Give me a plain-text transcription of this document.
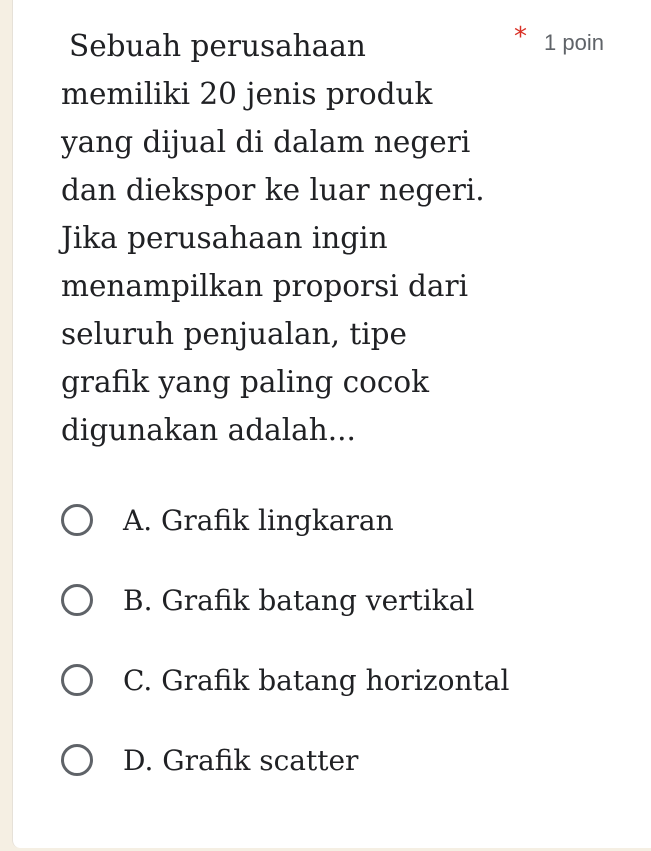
Sebuah perusahaan memiliki 20 jenis produk yang dijual di dalam negeri dan diekspor ke luar negeri. Jika perusahaan ingin menampilkan proporsi dari seluruh penjualan, tipe grafik yang paling cocok digunakan adalah...

* 1 poin
A. Grafik lingkaran
B. Grafik batang vertikal
C. Grafik batang horizontal
D. Grafik scatter
